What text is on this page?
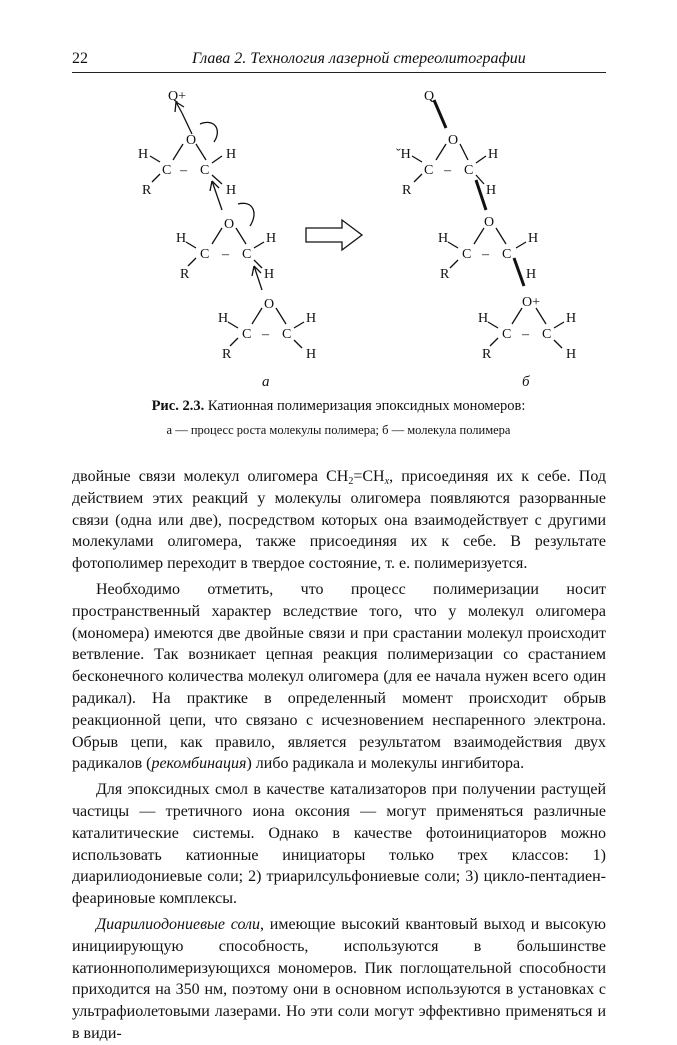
22	Глава 2. Технология лазерной стереолитографии
Q+
O
H	H
C – C
R	H
O
H	H
C – C
R	H
O
H	H
C – C
R	H
Q
O
ˇH	H
C – C
R	H
O
H	H
C – C
R	H
O+
H	H
C – C
R	H
а	б
Рис. 2.3. Катионная полимеризация эпоксидных мономеров:
а — процесс роста молекулы полимера; б — молекула полимера

двойные связи молекул олигомера $CH_2=CH_x$, присоединяя их к себе. Под действием этих реакций у молекулы олигомера появляются разорванные связи (одна или две), посредством которых она взаимодействует с другими молекулами олигомера, также присоединяя их к себе. В результате фотополимер переходит в твердое состояние, т. е. полимеризуется.

Необходимо отметить, что процесс полимеризации носит пространственный характер вследствие того, что у молекул олигомера (мономера) имеются две двойные связи и при срастании молекул происходит ветвление. Так возникает цепная реакция полимеризации со срастанием бесконечного количества молекул олигомера (для ее начала нужен всего один радикал). На практике в определенный момент происходит обрыв реакционной цепи, что связано с исчезновением неспаренного электрона. Обрыв цепи, как правило, является результатом взаимодействия двух радикалов (рекомбинация) либо радикала и молекулы ингибитора.

Для эпоксидных смол в качестве катализаторов при получении растущей частицы — третичного иона оксония — могут применяться различные каталитические системы. Однако в качестве фотоинициаторов можно использовать катионные инициаторы только трех классов: 1) диарилиодониевые соли; 2) триарилсульфониевые соли; 3) цикло-пентадиен-феариновые комплексы.

Диарилиодониевые соли, имеющие высокий квантовый выход и высокую инициирующую способность, используются в большинстве катионнополимеризующихся мономеров. Пик поглощательной способности приходится на 350 нм, поэтому они в основном используются в установках с ультрафиолетовыми лазерами. Но эти соли могут эффективно применяться и в види-
